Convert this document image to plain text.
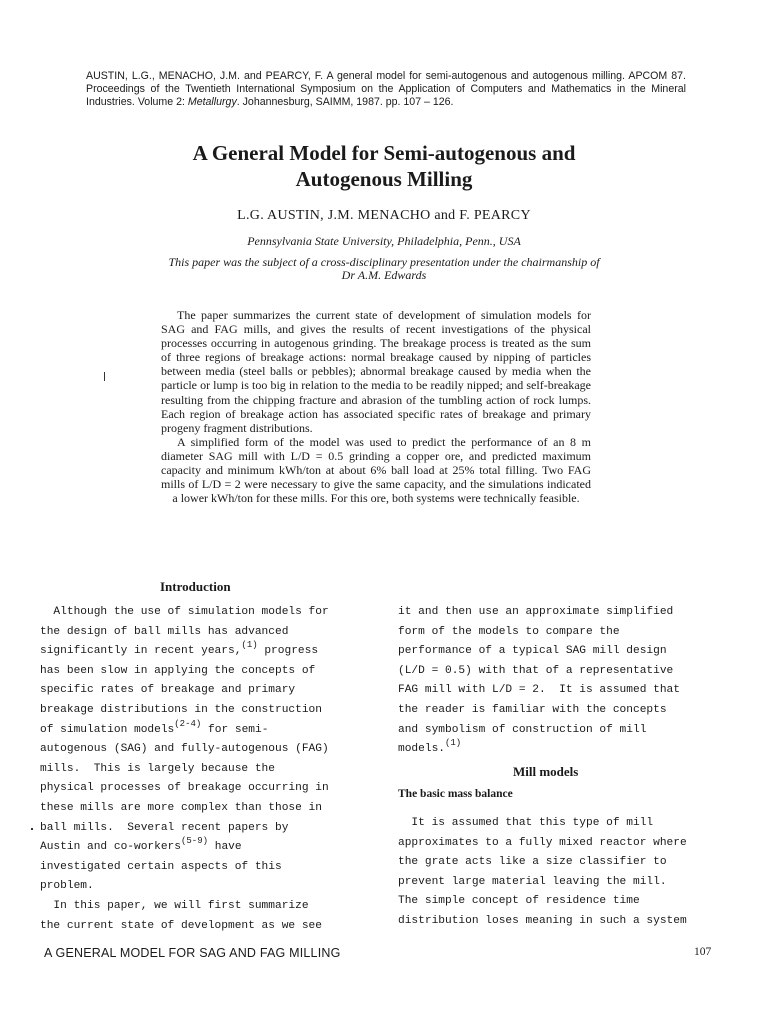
AUSTIN, L.G., MENACHO, J.M. and PEARCY, F. A general model for semi-autogenous and autogenous milling. APCOM 87. Proceedings of the Twentieth International Symposium on the Application of Computers and Mathematics in the Mineral Industries. Volume 2: Metallurgy. Johannesburg, SAIMM, 1987. pp. 107 – 126.
A General Model for Semi-autogenous and
Autogenous Milling
L.G. AUSTIN, J.M. MENACHO and F. PEARCY
Pennsylvania State University, Philadelphia, Penn., USA
This paper was the subject of a cross-disciplinary presentation under the chairmanship of
Dr A.M. Edwards

The paper summarizes the current state of development of simulation models for SAG and FAG mills, and gives the results of recent investigations of the physical processes occurring in autogenous grinding. The breakage process is treated as the sum of three regions of breakage actions: normal breakage caused by nipping of particles between media (steel balls or pebbles); abnormal breakage caused by media when the particle or lump is too big in relation to the media to be readily nipped; and self-breakage resulting from the chipping fracture and abrasion of the tumbling action of rock lumps. Each region of breakage action has associated specific rates of breakage and primary progeny fragment distributions.

A simplified form of the model was used to predict the performance of an 8 m diameter SAG mill with L/D = 0.5 grinding a copper ore, and predicted maximum capacity and minimum kWh/ton at about 6% ball load at 25% total filling. Two FAG mills of L/D = 2 were necessary to give the same capacity, and the simulations indicated a lower kWh/ton for these mills. For this ore, both systems were technically feasible.

Introduction
Although the use of simulation models for
the design of ball mills has advanced
significantly in recent years,$^{(1)}$ progress
has been slow in applying the concepts of
specific rates of breakage and primary
breakage distributions in the construction
of simulation models$^{(2-4)}$ for semi-
autogenous (SAG) and fully-autogenous (FAG)
mills.  This is largely because the
physical processes of breakage occurring in
these mills are more complex than those in
ball mills.  Several recent papers by
Austin and co-workers$^{(5-9)}$ have
investigated certain aspects of this
problem.
In this paper, we will first summarize
the current state of development as we see
it and then use an approximate simplified
form of the models to compare the
performance of a typical SAG mill design
(L/D = 0.5) with that of a representative
FAG mill with L/D = 2.  It is assumed that
the reader is familiar with the concepts
and symbolism of construction of mill
models.$^{(1)}$
Mill models
The basic mass balance
It is assumed that this type of mill
approximates to a fully mixed reactor where
the grate acts like a size classifier to
prevent large material leaving the mill.
The simple concept of residence time
distribution loses meaning in such a system
A GENERAL MODEL FOR SAG AND FAG MILLING	107
